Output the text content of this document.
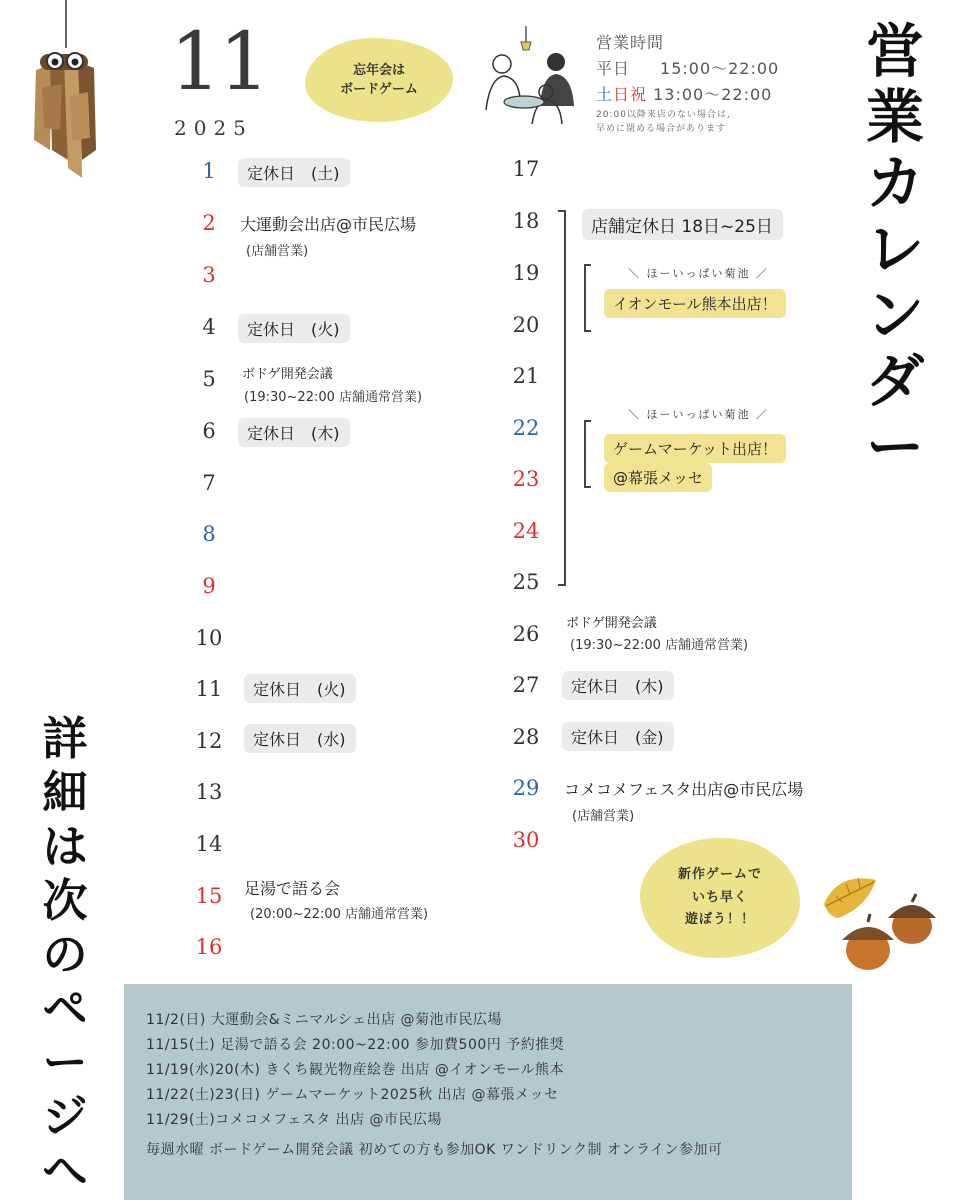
11
2025
忘年会は
ボードゲーム
営業時間
平日 15:00〜22:00
土日祝 13:00〜22:00
20:00以降来店のない場合は,
早めに閉める場合があります
営
業
カ
レ
ン
ダ
ー
詳
細
は
次
の
ペ
ー
ジ
へ
1
2
3
4
5
6
7
8
9
10
11
12
13
14
15
16
17
18
19
20
21
22
23
24
25
26
27
28
29
30
定休日　(土)
大運動会出店@市民広場
(店舗営業)
定休日　(火)
ボドゲ開発会議
(19:30~22:00 店舗通常営業)
定休日　(木)
定休日　(火)
定休日　(水)
足湯で語る会
(20:00~22:00 店舗通常営業)
店舗定休日 18日~25日
＼ ほーいっぱい菊池 ／
イオンモール熊本出店！
＼ ほーいっぱい菊池 ／
ゲームマーケット出店！
@幕張メッセ
ボドゲ開発会議
(19:30~22:00 店舗通常営業)
定休日　(木)
定休日　(金)
コメコメフェスタ出店@市民広場
(店舗営業)
新作ゲームで
いち早く
遊ぼう！！
11/2(日) 大運動会&ミニマルシェ出店 @菊池市民広場
11/15(土) 足湯で語る会 20:00~22:00 参加費500円 予約推奨
11/19(水)20(木) きくち観光物産絵巻 出店 @イオンモール熊本
11/22(土)23(日) ゲームマーケット2025秋 出店 @幕張メッセ
11/29(土)コメコメフェスタ 出店 @市民広場
毎週水曜 ボードゲーム開発会議 初めての方も参加OK ワンドリンク制 オンライン参加可
